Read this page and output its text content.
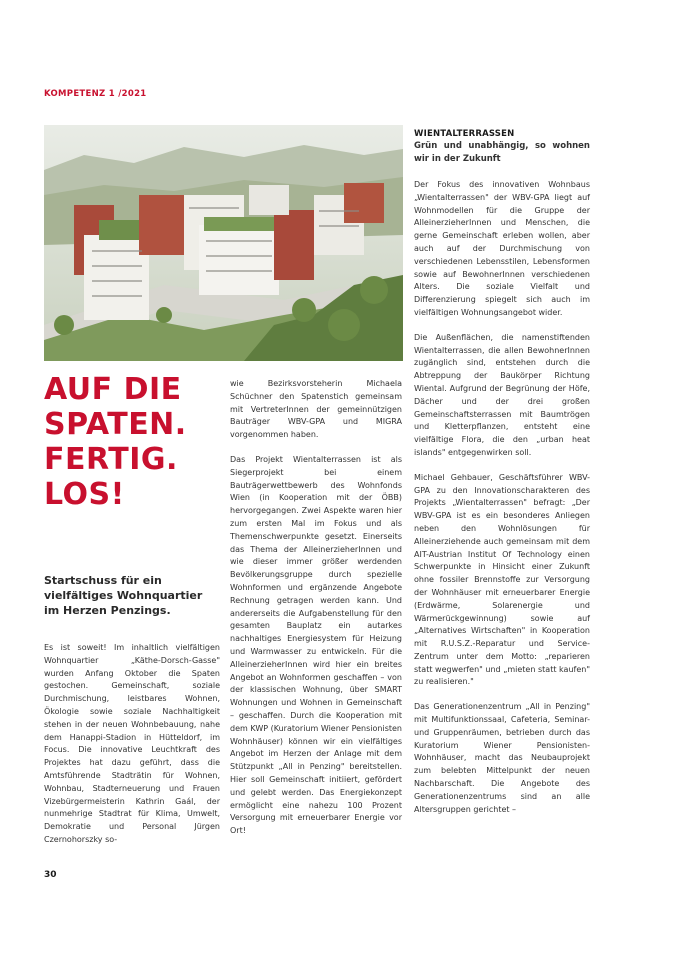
KOMPETENZ 1 /2021
AUF DIE
SPATEN.
FERTIG.
LOS!
Startschuss für ein vielfältiges Wohnquartier im Herzen Penzings.

Es ist soweit! Im inhaltlich vielfältigen Wohnquartier „Käthe-Dorsch-Gasse" wurden Anfang Oktober die Spaten gestochen. Gemeinschaft, soziale Durchmischung, leistbares Wohnen, Ökologie sowie soziale Nachhaltigkeit stehen in der neuen Wohnbebauung, nahe dem Hanappi-Stadion in Hütteldorf, im Focus. Die innovative Leuchtkraft des Projektes hat dazu geführt, dass die Amtsführende Stadträtin für Wohnen, Wohnbau, Stadterneuerung und Frauen Vizebürgermeisterin Kathrin Gaál, der nunmehrige Stadtrat für Klima, Umwelt, Demokratie und Personal Jürgen Czernohorszky so-

wie Bezirksvorsteherin Michaela Schüchner den Spatenstich gemeinsam mit VertreterInnen der gemeinnützigen Bauträger WBV-GPA und MIGRA vorgenommen haben.

Das Projekt Wientalterrassen ist als Siegerprojekt bei einem Bauträgerwettbewerb des Wohnfonds Wien (in Kooperation mit der ÖBB) hervorgegangen. Zwei Aspekte waren hier zum ersten Mal im Fokus und als Themenschwerpunkte gesetzt. Einerseits das Thema der AlleinerzieherInnen und wie dieser immer größer werdenden Bevölkerungsgruppe durch spezielle Wohnformen und ergänzende Angebote Rechnung getragen werden kann. Und andererseits die Aufgabenstellung für den gesamten Bauplatz ein autarkes nachhaltiges Energiesystem für Heizung und Warmwasser zu entwickeln. Für die AlleinerzieherInnen wird hier ein breites Angebot an Wohnformen geschaffen – von der klassischen Wohnung, über SMART Wohnungen und Wohnen in Gemeinschaft – geschaffen. Durch die Kooperation mit dem KWP (Kuratorium Wiener Pensionisten Wohnhäuser) können wir ein vielfältiges Angebot im Herzen der Anlage mit dem Stützpunkt „All in Penzing" bereitstellen. Hier soll Gemeinschaft initiiert, gefördert und gelebt werden. Das Energiekonzept ermöglicht eine nahezu 100 Prozent Versorgung mit erneuerbarer Energie vor Ort!

WIENTALTERRASSEN
Grün und unabhängig, so wohnen wir in der Zukunft

Der Fokus des innovativen Wohnbaus „Wientalterrassen" der WBV-GPA liegt auf Wohnmodellen für die Gruppe der AlleinerzieherInnen und Menschen, die gerne Gemeinschaft erleben wollen, aber auch auf der Durchmischung von verschiedenen Lebensstilen, Lebensformen sowie auf BewohnerInnen verschiedenen Alters. Die soziale Vielfalt und Differenzierung spiegelt sich auch im vielfältigen Wohnungsangebot wider.

Die Außenflächen, die namenstiftenden Wientalterrassen, die allen BewohnerInnen zugänglich sind, entstehen durch die Abtreppung der Baukörper Richtung Wiental. Aufgrund der Begrünung der Höfe, Dächer und der drei großen Gemeinschaftsterrassen mit Baumtrögen und Kletterpflanzen, entsteht eine vielfältige Flora, die den „urban heat islands" entgegenwirken soll.

Michael Gehbauer, Geschäftsführer WBV-GPA zu den Innovationscharakteren des Projekts „Wientalterrassen" befragt: „Der WBV-GPA ist es ein besonderes Anliegen neben den Wohnlösungen für Alleinerziehende auch gemeinsam mit dem AIT-Austrian Institut Of Technology einen Schwerpunkte in Hinsicht einer Zukunft ohne fossiler Brennstoffe zur Versorgung der Wohnhäuser mit erneuerbarer Energie (Erdwärme, Solarenergie und Wärmerückgewinnung) sowie auf „Alternatives Wirtschaften" in Kooperation mit R.U.S.Z.-Reparatur und Service-Zentrum unter dem Motto: „reparieren statt wegwerfen" und „mieten statt kaufen" zu realisieren."

Das Generationenzentrum „All in Penzing" mit Multifunktionssaal, Cafeteria, Seminar- und Gruppenräumen, betrieben durch das Kuratorium Wiener Pensionisten-Wohnhäuser, macht das Neubauprojekt zum belebten Mittelpunkt der neuen Nachbarschaft. Die Angebote des Generationenzentrums sind an alle Altersgruppen gerichtet –

30
